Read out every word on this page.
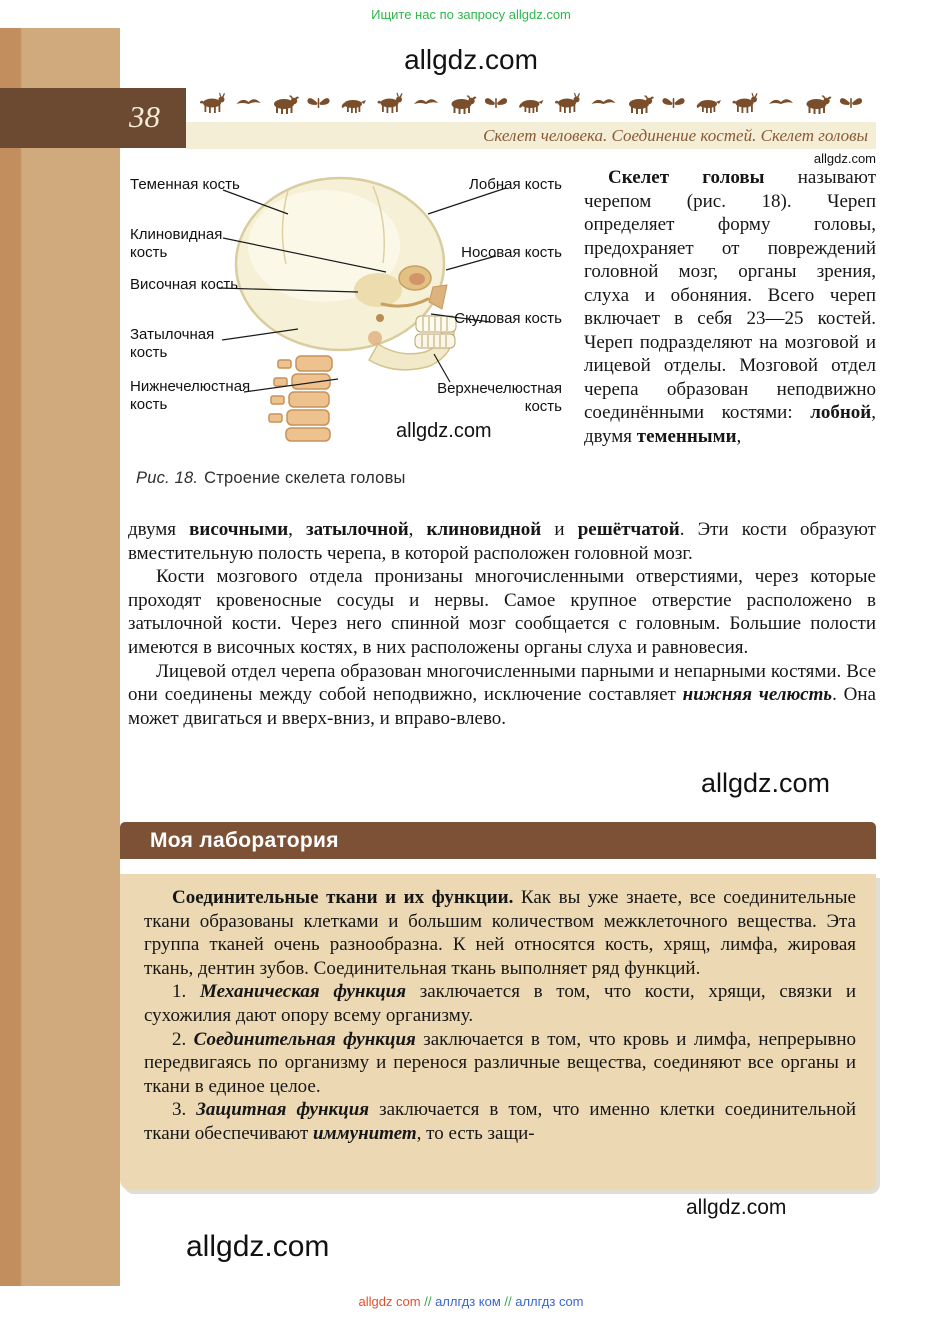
Ищите нас по запросу allgdz.com
allgdz.com
38
Скелет человека. Соединение костей. Скелет головы
allgdz.com
Теменная кость
Клиновидная кость
Височная кость
Затылочная кость
Нижнечелюстная кость
Лобная кость
Носовая кость
Скуловая кость
Верхнечелюстная кость
allgdz.com
Рис. 18. Строение скелета головы
Скелет головы называют черепом (рис. 18). Череп определяет форму головы, предохраняет от повреждений головной мозг, органы зрения, слуха и обоняния. Всего череп включает в себя 23—25 костей. Череп подразделяют на мозговой и лицевой отделы. Мозговой отдел черепа образован неподвижно соединёнными костями: лобной, двумя теменными,

двумя височными, затылочной, клиновидной и решётчатой. Эти кости образуют вместительную полость черепа, в которой расположен головной мозг.

Кости мозгового отдела пронизаны многочисленными отверстиями, через которые проходят кровеносные сосуды и нервы. Самое крупное отверстие расположено в затылочной кости. Через него спинной мозг сообщается с головным. Большие полости имеются в височных костях, в них расположены органы слуха и равновесия.

Лицевой отдел черепа образован многочисленными парными и непарными костями. Все они соединены между собой неподвижно, исключение составляет нижняя челюсть. Она может двигаться и вверх-вниз, и вправо-влево.

allgdz.com
Моя лаборатория

Соединительные ткани и их функции. Как вы уже знаете, все соединительные ткани образованы клетками и большим количеством межклеточного вещества. Эта группа тканей очень разнообразна. К ней относятся кость, хрящ, лимфа, жировая ткань, дентин зубов. Соединительная ткань выполняет ряд функций.

1. Механическая функция заключается в том, что кости, хрящи, связки и сухожилия дают опору всему организму.

2. Соединительная функция заключается в том, что кровь и лимфа, непрерывно передвигаясь по организму и перенося различные вещества, соединяют все органы и ткани в единое целое.

3. Защитная функция заключается в том, что именно клетки соединительной ткани обеспечивают иммунитет, то есть защи-

allgdz.com
allgdz.com
allgdz com // аллгдз ком // аллгдз com
